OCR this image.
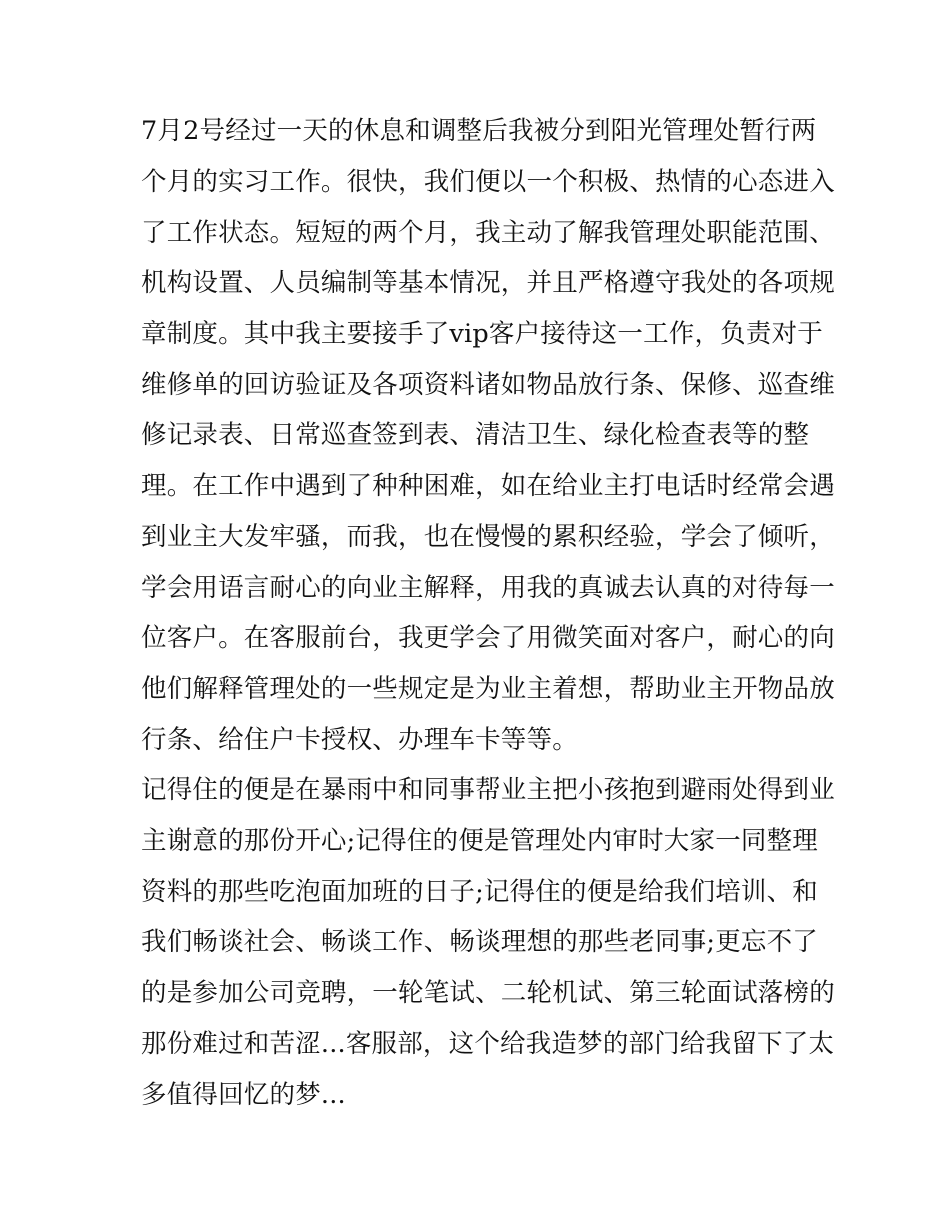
7月2号经过一天的休息和调整后我被分到阳光管理处暂行两
个月的实习工作。很快，我们便以一个积极、热情的心态进入
了工作状态。短短的两个月，我主动了解我管理处职能范围、
机构设置、人员编制等基本情况，并且严格遵守我处的各项规
章制度。其中我主要接手了vip客户接待这一工作，负责对于
维修单的回访验证及各项资料诸如物品放行条、保修、巡查维
修记录表、日常巡查签到表、清洁卫生、绿化检查表等的整
理。在工作中遇到了种种困难，如在给业主打电话时经常会遇
到业主大发牢骚，而我，也在慢慢的累积经验，学会了倾听，
学会用语言耐心的向业主解释，用我的真诚去认真的对待每一
位客户。在客服前台，我更学会了用微笑面对客户，耐心的向
他们解释管理处的一些规定是为业主着想，帮助业主开物品放
行条、给住户卡授权、办理车卡等等。
记得住的便是在暴雨中和同事帮业主把小孩抱到避雨处得到业
主谢意的那份开心;记得住的便是管理处内审时大家一同整理
资料的那些吃泡面加班的日子;记得住的便是给我们培训、和
我们畅谈社会、畅谈工作、畅谈理想的那些老同事;更忘不了
的是参加公司竞聘，一轮笔试、二轮机试、第三轮面试落榜的
那份难过和苦涩...客服部，这个给我造梦的部门给我留下了太
多值得回忆的梦...
